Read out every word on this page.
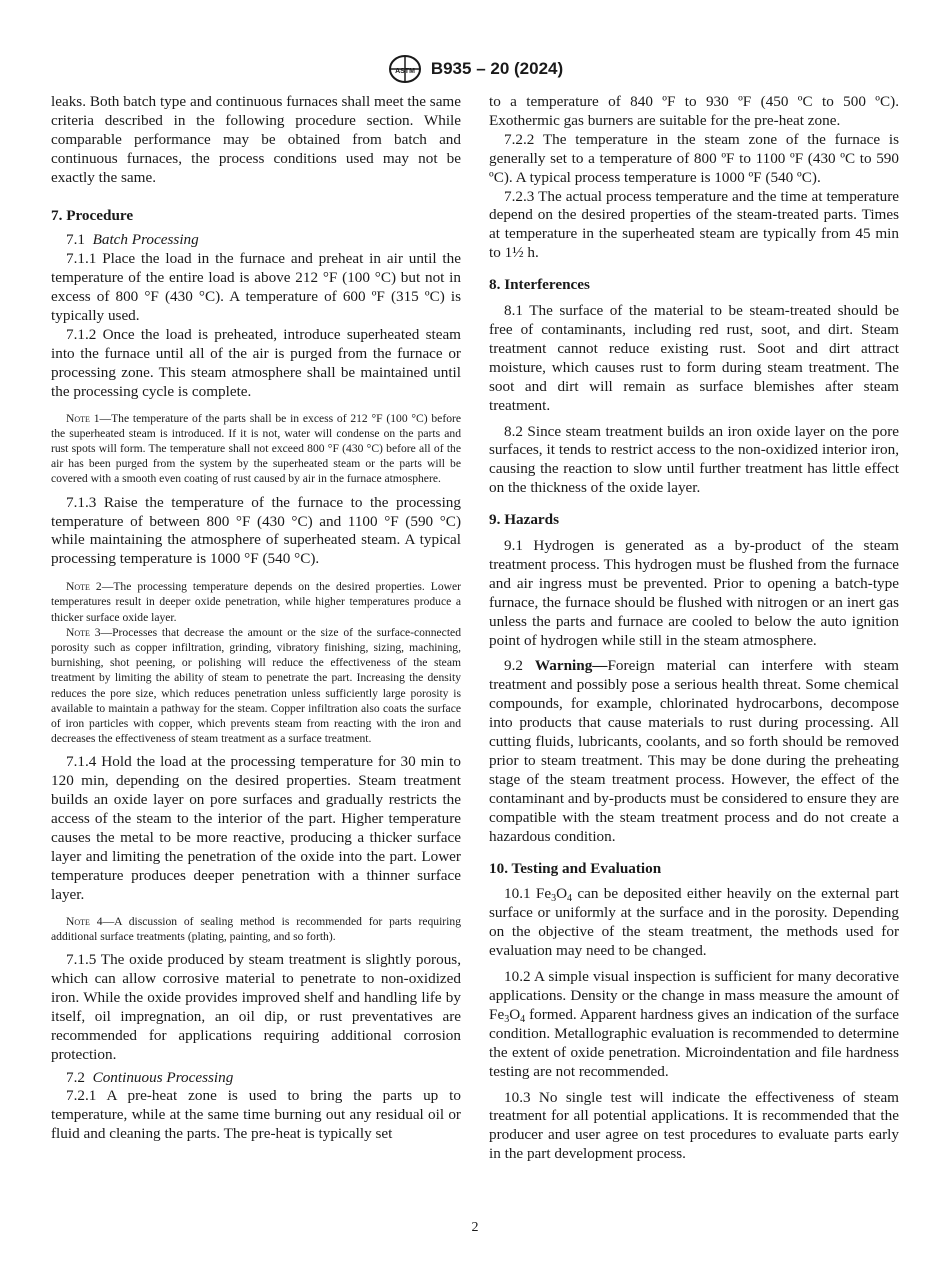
ASTM B935 – 20 (2024)

leaks. Both batch type and continuous furnaces shall meet the same criteria described in the following procedure section. While comparable performance may be obtained from batch and continuous furnaces, the process conditions used may not be exactly the same.

7. Procedure

7.1 Batch Processing

7.1.1 Place the load in the furnace and preheat in air until the temperature of the entire load is above 212 °F (100 °C) but not in excess of 800 °F (430 °C). A temperature of 600 ºF (315 ºC) is typically used.

7.1.2 Once the load is preheated, introduce superheated steam into the furnace until all of the air is purged from the furnace or processing zone. This steam atmosphere shall be maintained until the processing cycle is complete.

Note 1—The temperature of the parts shall be in excess of 212 °F (100 °C) before the superheated steam is introduced. If it is not, water will condense on the parts and rust spots will form. The temperature shall not exceed 800 °F (430 °C) before all of the air has been purged from the system by the superheated steam or the parts will be covered with a smooth even coating of rust caused by air in the furnace atmosphere.

7.1.3 Raise the temperature of the furnace to the processing temperature of between 800 °F (430 °C) and 1100 °F (590 °C) while maintaining the atmosphere of superheated steam. A typical processing temperature is 1000 °F (540 °C).

Note 2—The processing temperature depends on the desired properties. Lower temperatures result in deeper oxide penetration, while higher temperatures produce a thicker surface oxide layer.

Note 3—Processes that decrease the amount or the size of the surface-connected porosity such as copper infiltration, grinding, vibratory finishing, sizing, machining, burnishing, shot peening, or polishing will reduce the effectiveness of the steam treatment by limiting the ability of steam to penetrate the part. Increasing the density reduces the pore size, which reduces penetration unless sufficiently large porosity is available to maintain a pathway for the steam. Copper infiltration also coats the surface of iron particles with copper, which prevents steam from reacting with the iron and decreases the effectiveness of steam treatment as a surface treatment.

7.1.4 Hold the load at the processing temperature for 30 min to 120 min, depending on the desired properties. Steam treatment builds an oxide layer on pore surfaces and gradually restricts the access of the steam to the interior of the part. Higher temperature causes the metal to be more reactive, producing a thicker surface layer and limiting the penetration of the oxide into the part. Lower temperature produces deeper penetration with a thinner surface layer.

Note 4—A discussion of sealing method is recommended for parts requiring additional surface treatments (plating, painting, and so forth).

7.1.5 The oxide produced by steam treatment is slightly porous, which can allow corrosive material to penetrate to non-oxidized iron. While the oxide provides improved shelf and handling life by itself, oil impregnation, an oil dip, or rust preventatives are recommended for applications requiring additional corrosion protection.

7.2 Continuous Processing

7.2.1 A pre-heat zone is used to bring the parts up to temperature, while at the same time burning out any residual oil or fluid and cleaning the parts. The pre-heat is typically set

to a temperature of 840 ºF to 930 ºF (450 ºC to 500 ºC). Exothermic gas burners are suitable for the pre-heat zone.

7.2.2 The temperature in the steam zone of the furnace is generally set to a temperature of 800 ºF to 1100 ºF (430 ºC to 590 ºC). A typical process temperature is 1000 ºF (540 ºC).

7.2.3 The actual process temperature and the time at temperature depend on the desired properties of the steam-treated parts. Times at temperature in the superheated steam are typically from 45 min to 1½ h.

8. Interferences

8.1 The surface of the material to be steam-treated should be free of contaminants, including red rust, soot, and dirt. Steam treatment cannot reduce existing rust. Soot and dirt attract moisture, which causes rust to form during steam treatment. The soot and dirt will remain as surface blemishes after steam treatment.

8.2 Since steam treatment builds an iron oxide layer on the pore surfaces, it tends to restrict access to the non-oxidized interior iron, causing the reaction to slow until further treatment has little effect on the thickness of the oxide layer.

9. Hazards

9.1 Hydrogen is generated as a by-product of the steam treatment process. This hydrogen must be flushed from the furnace and air ingress must be prevented. Prior to opening a batch-type furnace, the furnace should be flushed with nitrogen or an inert gas unless the parts and furnace are cooled to below the auto ignition point of hydrogen while still in the steam atmosphere.

9.2 Warning—Foreign material can interfere with steam treatment and possibly pose a serious health threat. Some chemical compounds, for example, chlorinated hydrocarbons, decompose into products that cause materials to rust during processing. All cutting fluids, lubricants, coolants, and so forth should be removed prior to steam treatment. This may be done during the preheating stage of the steam treatment process. However, the effect of the contaminant and by-products must be considered to ensure they are compatible with the steam treatment process and do not create a hazardous condition.

10. Testing and Evaluation

10.1 $Fe_3O_4$ can be deposited either heavily on the external part surface or uniformly at the surface and in the porosity. Depending on the objective of the steam treatment, the methods used for evaluation may need to be changed.

10.2 A simple visual inspection is sufficient for many decorative applications. Density or the change in mass measure the amount of $Fe_3O_4$ formed. Apparent hardness gives an indication of the surface condition. Metallographic evaluation is recommended to determine the extent of oxide penetration. Microindentation and file hardness testing are not recommended.

10.3 No single test will indicate the effectiveness of steam treatment for all potential applications. It is recommended that the producer and user agree on test procedures to evaluate parts early in the part development process.

2
